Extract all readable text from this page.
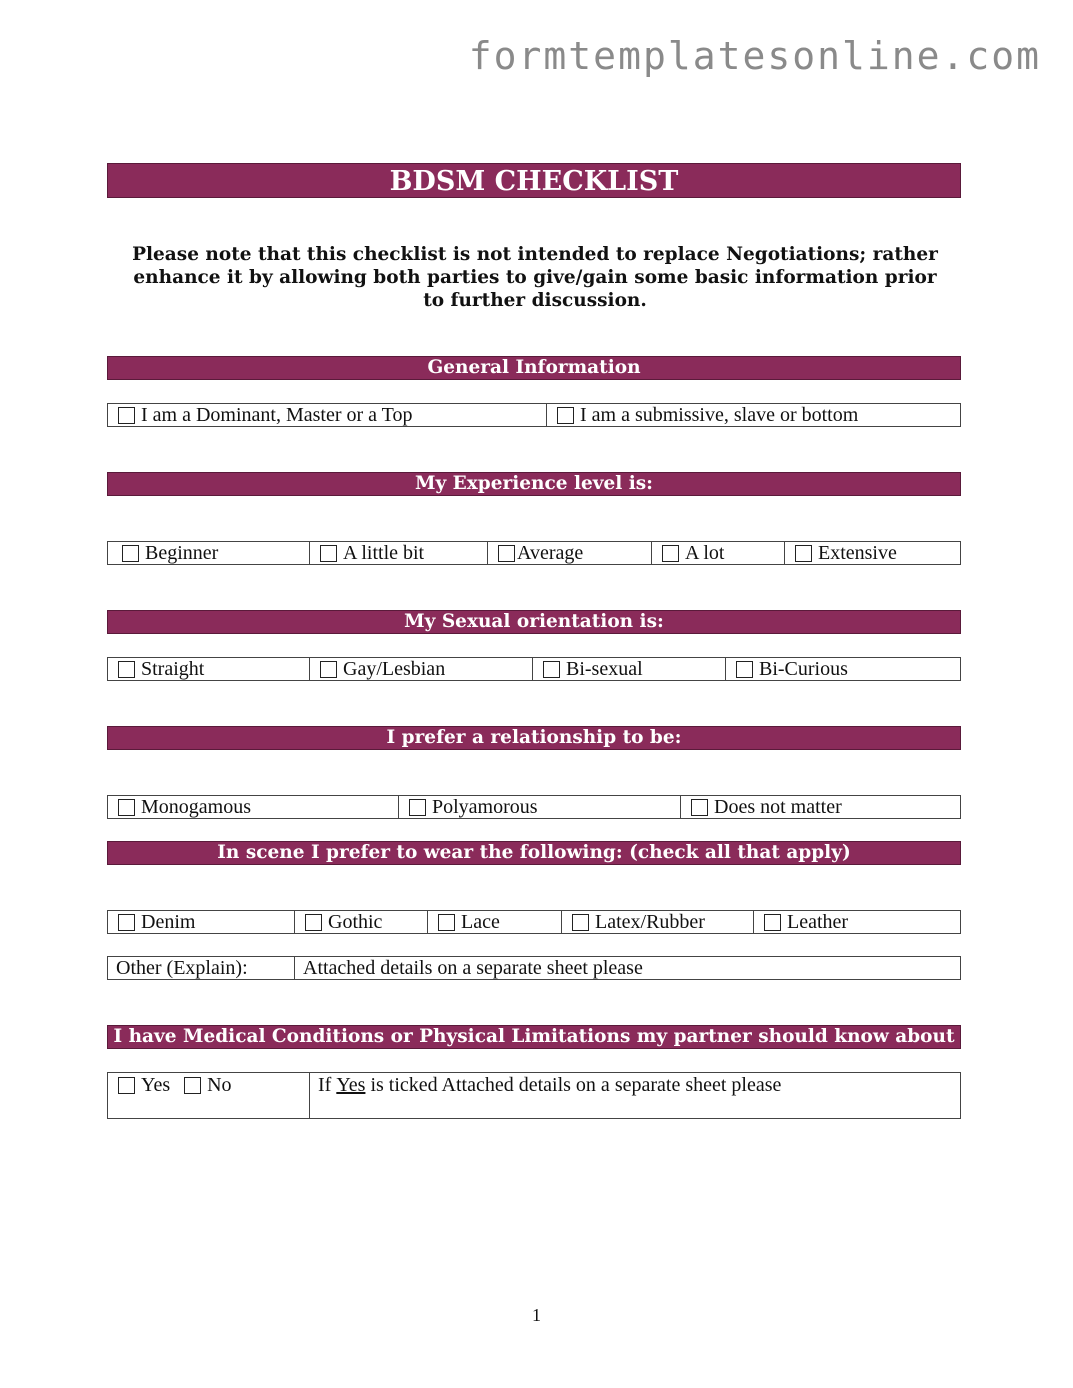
formtemplatesonline.com
BDSM CHECKLIST
Please note that this checklist is not intended to replace Negotiations; rather enhance it by allowing both parties to give/gain some basic information prior to further discussion.
General Information
I am a Dominant, Master or a Top	I am a submissive, slave or bottom
My Experience level is:
Beginner	A little bit	Average	A lot	Extensive
My Sexual orientation is:
Straight	Gay/Lesbian	Bi-sexual	Bi-Curious
I prefer a relationship to be:
Monogamous	Polyamorous	Does not matter
In scene I prefer to wear the following: (check all that apply)
Denim	Gothic	Lace	Latex/Rubber	Leather
Other (Explain):	Attached details on a separate sheet please
I have Medical Conditions or Physical Limitations my partner should know about
Yes No	If
Yes
is ticked Attached details on a separate sheet please
1
